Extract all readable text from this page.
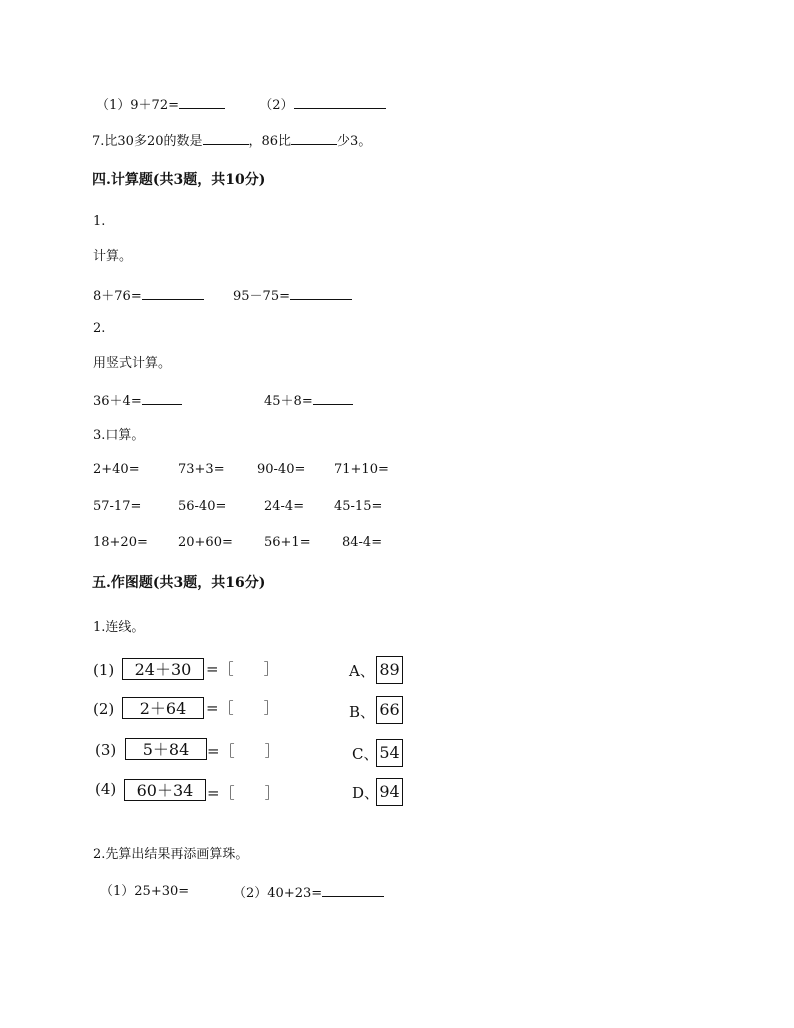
（1）9＋72=	（2）
7.比30多20的数是	，86比	少3。
四.计算题(共3题，共10分)
1.
计算。
8＋76=	95－75=
2.
用竖式计算。
36＋4=	45＋8=
3.口算。
2+40=	73+3= 90-40= 71+10=
57-17=	56-40=	24-4= 45-15=
18+20= 20+60= 56+1= 84-4=
五.作图题(共3题，共16分)
1.连线。
(1)	24＋30 =［　　］	A、 89
(2)	2＋64	=［　　］	B、 66
(3)	5＋84	=［　　］	C、 54
(4)	60＋34 =［　　］	D、 94
2.先算出结果再添画算珠。
（1）25+30=	（2）40+23=
